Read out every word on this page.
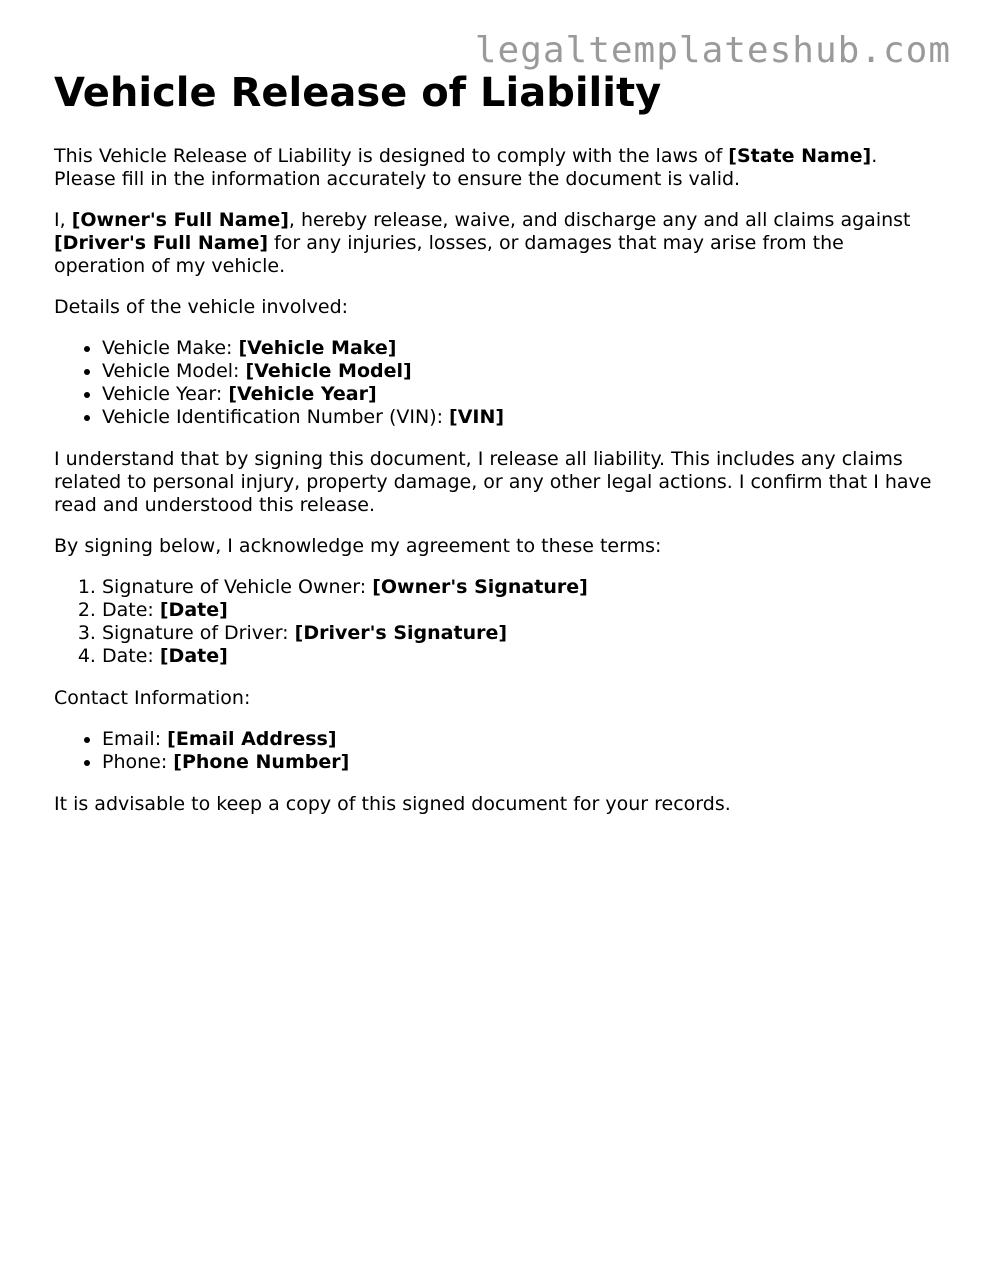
legaltemplateshub.com
Vehicle Release of Liability

This Vehicle Release of Liability is designed to comply with the laws of [State Name]. Please fill in the information accurately to ensure the document is valid.

I, [Owner's Full Name], hereby release, waive, and discharge any and all claims against [Driver's Full Name] for any injuries, losses, or damages that may arise from the operation of my vehicle.

Details of the vehicle involved:

• Vehicle Make: [Vehicle Make]
• Vehicle Model: [Vehicle Model]
• Vehicle Year: [Vehicle Year]
• Vehicle Identification Number (VIN): [VIN]

I understand that by signing this document, I release all liability. This includes any claims related to personal injury, property damage, or any other legal actions. I confirm that I have read and understood this release.

By signing below, I acknowledge my agreement to these terms:

1. Signature of Vehicle Owner: [Owner's Signature]
2. Date: [Date]
3. Signature of Driver: [Driver's Signature]
4. Date: [Date]

Contact Information:

• Email: [Email Address]
• Phone: [Phone Number]

It is advisable to keep a copy of this signed document for your records.
